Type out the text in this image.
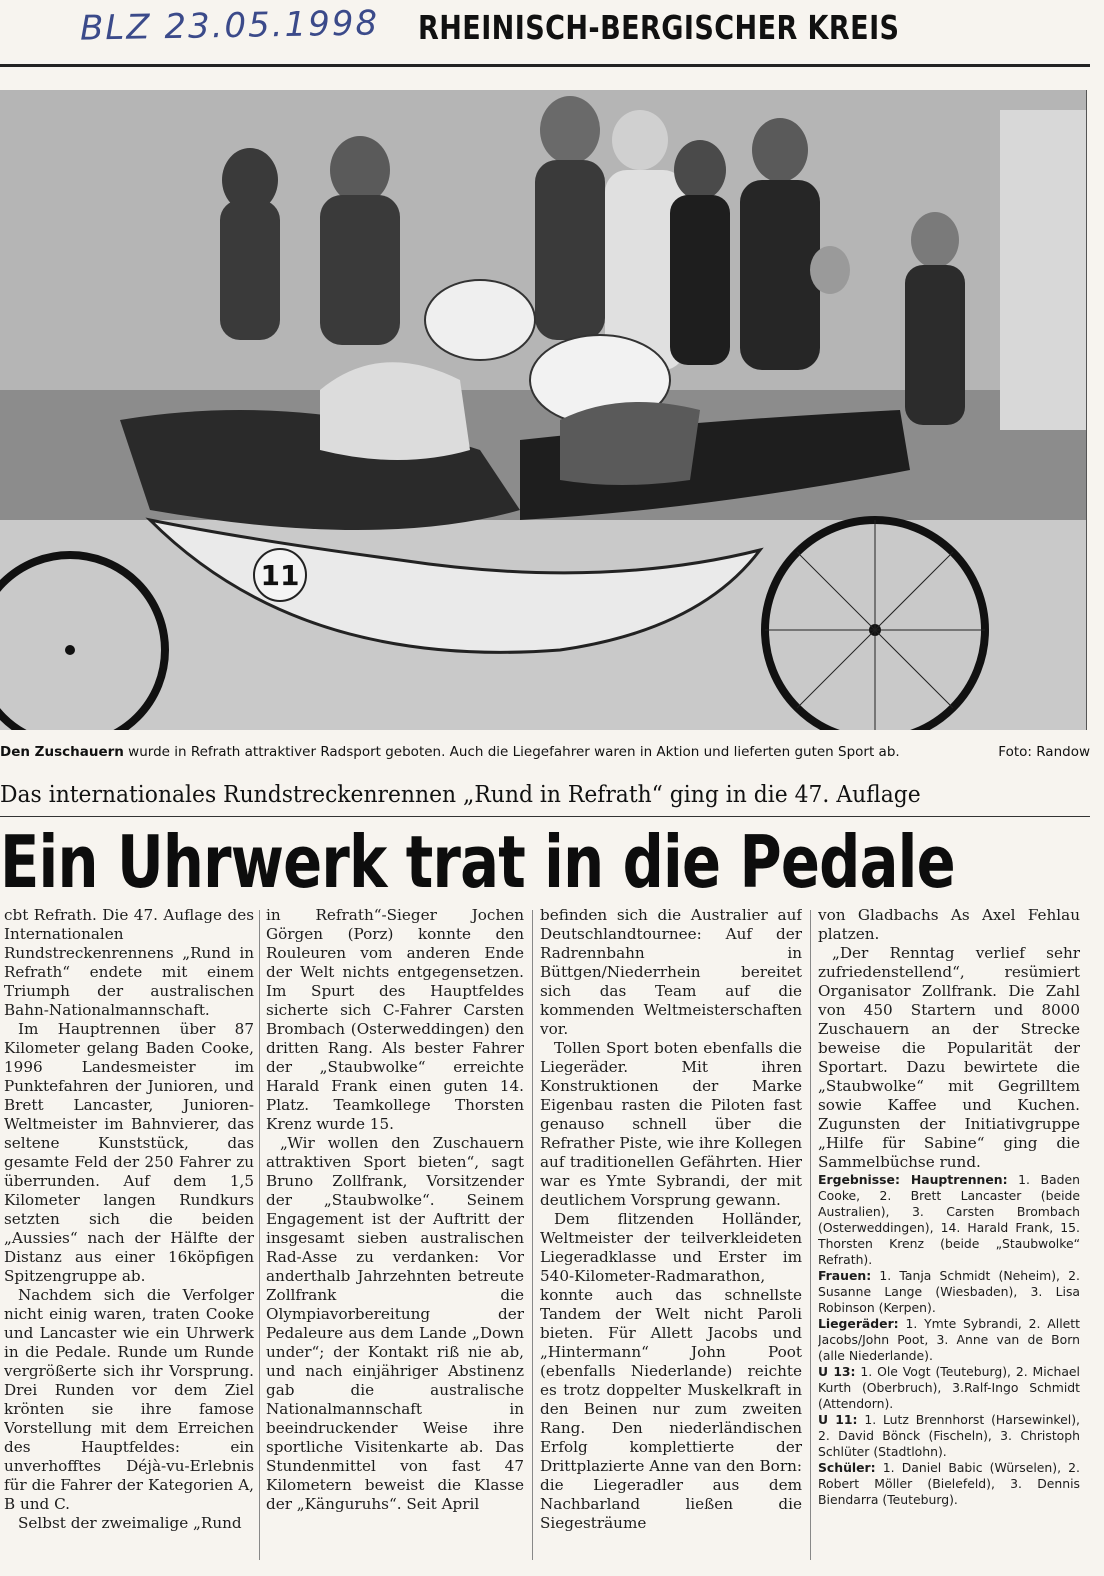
BLZ 23.05.1998 RHEINISCH-BERGISCHER KREIS
11
Den Zuschauern wurde in Refrath attraktiver Radsport geboten. Auch die Liegefahrer waren in Aktion und lieferten guten Sport ab.	Foto: Randow
Das internationales Rundstreckenrennen „Rund in Refrath“ ging in die 47. Auflage
Ein Uhrwerk trat in die Pedale

cbt Refrath. Die 47. Auflage des Internationalen Rundstreckenrennens „Rund in Refrath“ endete mit einem Triumph der australischen Bahn-Nationalmannschaft.

Im Hauptrennen über 87 Kilometer gelang Baden Cooke, 1996 Landesmeister im Punktefahren der Junioren, und Brett Lancaster, Junioren-Weltmeister im Bahnvierer, das seltene Kunststück, das gesamte Feld der 250 Fahrer zu überrunden. Auf dem 1,5 Kilometer langen Rundkurs setzten sich die beiden „Aussies“ nach der Hälfte der Distanz aus einer 16köpfigen Spitzengruppe ab.

Nachdem sich die Verfolger nicht einig waren, traten Cooke und Lancaster wie ein Uhrwerk in die Pedale. Runde um Runde vergrößerte sich ihr Vorsprung. Drei Runden vor dem Ziel krönten sie ihre famose Vorstellung mit dem Erreichen des Hauptfeldes: ein unverhofftes Déjà-vu-Erlebnis für die Fahrer der Kategorien A, B und C.

Selbst der zweimalige „Rund

in Refrath“-Sieger Jochen Görgen (Porz) konnte den Rouleuren vom anderen Ende der Welt nichts entgegensetzen. Im Spurt des Hauptfeldes sicherte sich C-Fahrer Carsten Brombach (Osterweddingen) den dritten Rang. Als bester Fahrer der „Staubwolke“ erreichte Harald Frank einen guten 14. Platz. Teamkollege Thorsten Krenz wurde 15.

„Wir wollen den Zuschauern attraktiven Sport bieten“, sagt Bruno Zollfrank, Vorsitzender der „Staubwolke“. Seinem Engagement ist der Auftritt der insgesamt sieben australischen Rad-Asse zu verdanken: Vor anderthalb Jahrzehnten betreute Zollfrank die Olympiavorbereitung der Pedaleure aus dem Lande „Down under“; der Kontakt riß nie ab, und nach einjähriger Abstinenz gab die australische Nationalmannschaft in beeindruckender Weise ihre sportliche Visitenkarte ab. Das Stundenmittel von fast 47 Kilometern beweist die Klasse der „Känguruhs“. Seit April

befinden sich die Australier auf Deutschlandtournee: Auf der Radrennbahn in Büttgen/Niederrhein bereitet sich das Team auf die kommenden Weltmeisterschaften vor.

Tollen Sport boten ebenfalls die Liegeräder. Mit ihren Konstruktionen der Marke Eigenbau rasten die Piloten fast genauso schnell über die Refrather Piste, wie ihre Kollegen auf traditionellen Gefährten. Hier war es Ymte Sybrandi, der mit deutlichem Vorsprung gewann.

Dem flitzenden Holländer, Weltmeister der teilverkleideten Liegeradklasse und Erster im 540-Kilometer-Radmarathon, konnte auch das schnellste Tandem der Welt nicht Paroli bieten. Für Allett Jacobs und „Hintermann“ John Poot (ebenfalls Niederlande) reichte es trotz doppelter Muskelkraft in den Beinen nur zum zweiten Rang. Den niederländischen Erfolg komplettierte der Drittplazierte Anne van den Born: die Liegeradler aus dem Nachbarland ließen die Siegesträume

von Gladbachs As Axel Fehlau platzen.

„Der Renntag verlief sehr zufriedenstellend“, resümiert Organisator Zollfrank. Die Zahl von 450 Startern und 8000 Zuschauern an der Strecke beweise die Popularität der Sportart. Dazu bewirtete die „Staubwolke“ mit Gegrilltem sowie Kaffee und Kuchen. Zugunsten der Initiativgruppe „Hilfe für Sabine“ ging die Sammelbüchse rund.

Ergebnisse: Hauptrennen: 1. Baden Cooke, 2. Brett Lancaster (beide Australien), 3. Carsten Brombach (Osterweddingen), 14. Harald Frank, 15. Thorsten Krenz (beide „Staubwolke“ Refrath).

Frauen: 1. Tanja Schmidt (Neheim), 2. Susanne Lange (Wiesbaden), 3. Lisa Robinson (Kerpen).

Liegeräder: 1. Ymte Sybrandi, 2. Allett Jacobs/John Poot, 3. Anne van de Born (alle Niederlande).

U 13: 1. Ole Vogt (Teuteburg), 2. Michael Kurth (Oberbruch), 3.Ralf-Ingo Schmidt (Attendorn).

U 11: 1. Lutz Brennhorst (Harsewinkel), 2. David Bönck (Fischeln), 3. Christoph Schlüter (Stadtlohn).

Schüler: 1. Daniel Babic (Würselen), 2. Robert Möller (Bielefeld), 3. Dennis Biendarra (Teuteburg).
